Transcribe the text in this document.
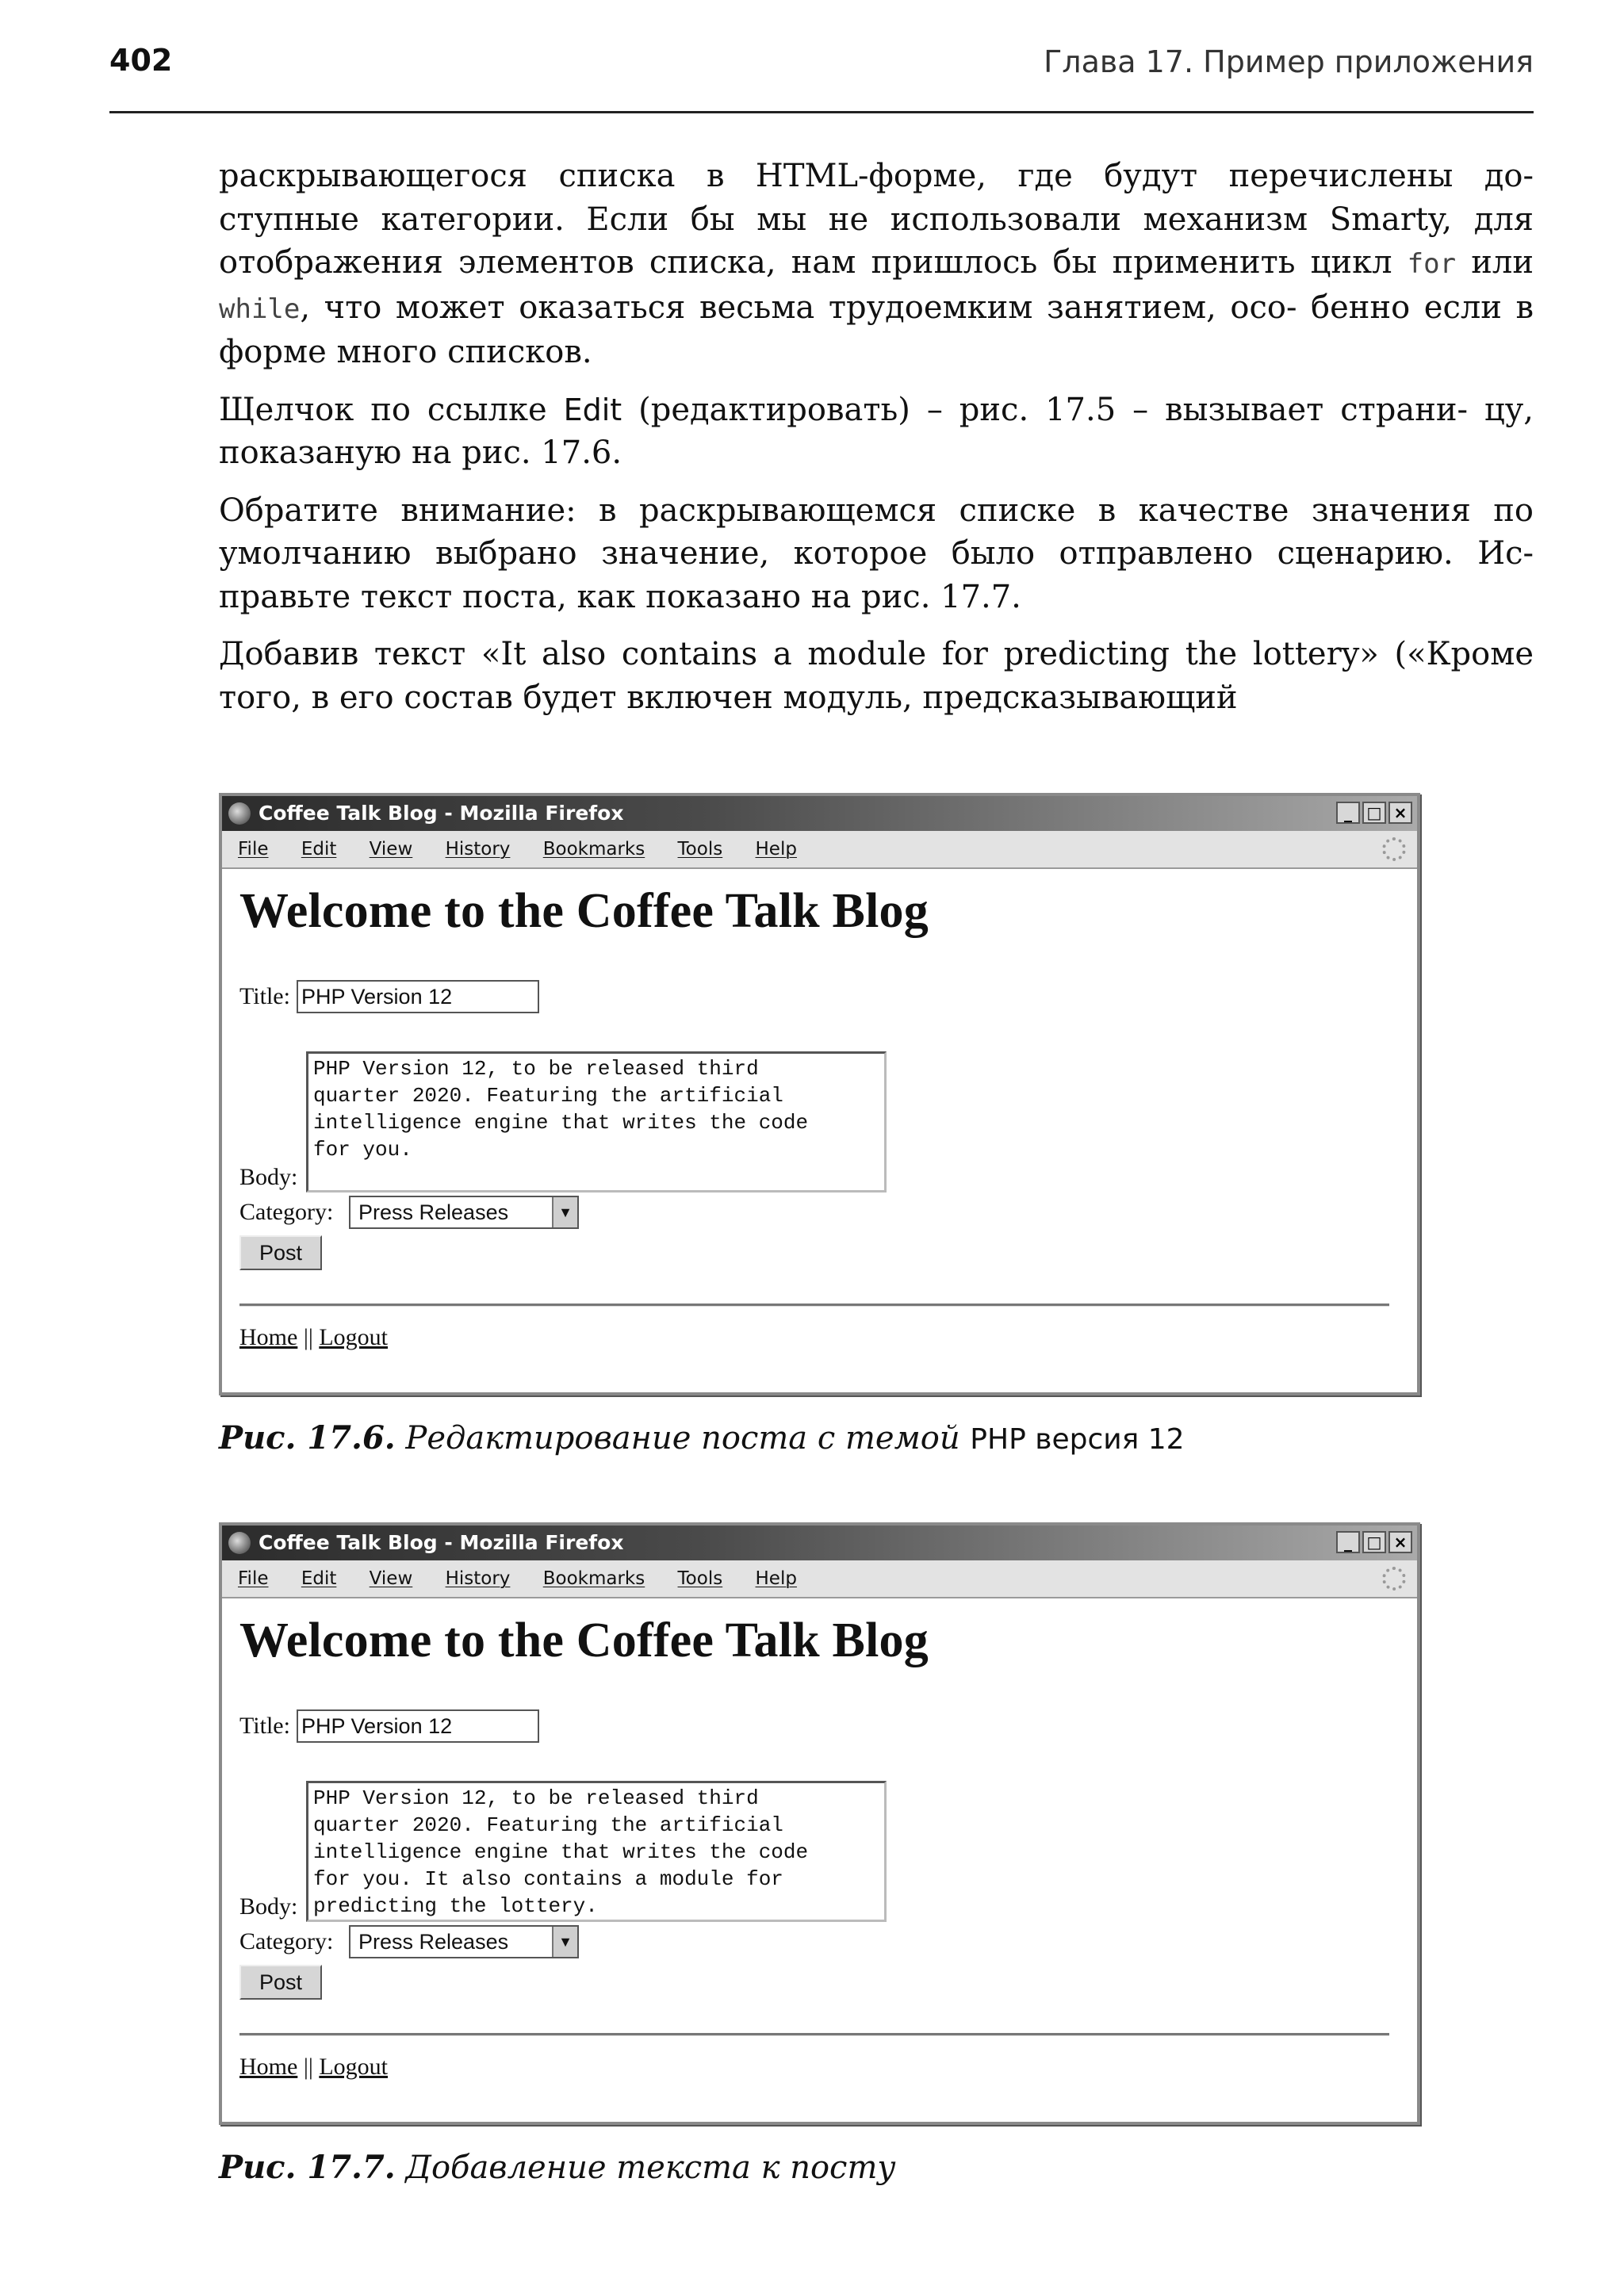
402	Глава 17. Пример приложения

раскрывающегося списка в HTML-форме, где будут перечислены до- ступные категории. Если бы мы не использовали механизм Smarty, для отображения элементов списка, нам пришлось бы применить цикл for или while, что может оказаться весьма трудоемким занятием, осо- бенно если в форме много списков.

Щелчок по ссылке Edit (редактировать) – рис. 17.5 – вызывает страни- цу, показаную на рис. 17.6.

Обратите внимание: в раскрывающемся списке в качестве значения по умолчанию выбрано значение, которое было отправлено сценарию. Ис- правьте текст поста, как показано на рис. 17.7.

Добавив текст «It also contains a module for predicting the lottery» («Кроме того, в его состав будет включен модуль, предсказывающий

Coffee Talk Blog - Mozilla Firefox	_ □ ×
File Edit View History Bookmarks Tools Help
Welcome to the Coffee Talk Blog
Title: PHP Version 12
Body:
PHP Version 12, to be released third
quarter 2020. Featuring the artificial
intelligence engine that writes the code
for you.
Category:	Press Releases	▼
Post
Home || Logout
Рис. 17.6. Редактирование поста с темой PHP версия 12
Coffee Talk Blog - Mozilla Firefox	_ □ ×
File Edit View History Bookmarks Tools Help
Welcome to the Coffee Talk Blog
Title: PHP Version 12
Body:
PHP Version 12, to be released third
quarter 2020. Featuring the artificial
intelligence engine that writes the code
for you. It also contains a module for
predicting the lottery.
Category:	Press Releases	▼
Post
Home || Logout
Рис. 17.7. Добавление текста к посту
